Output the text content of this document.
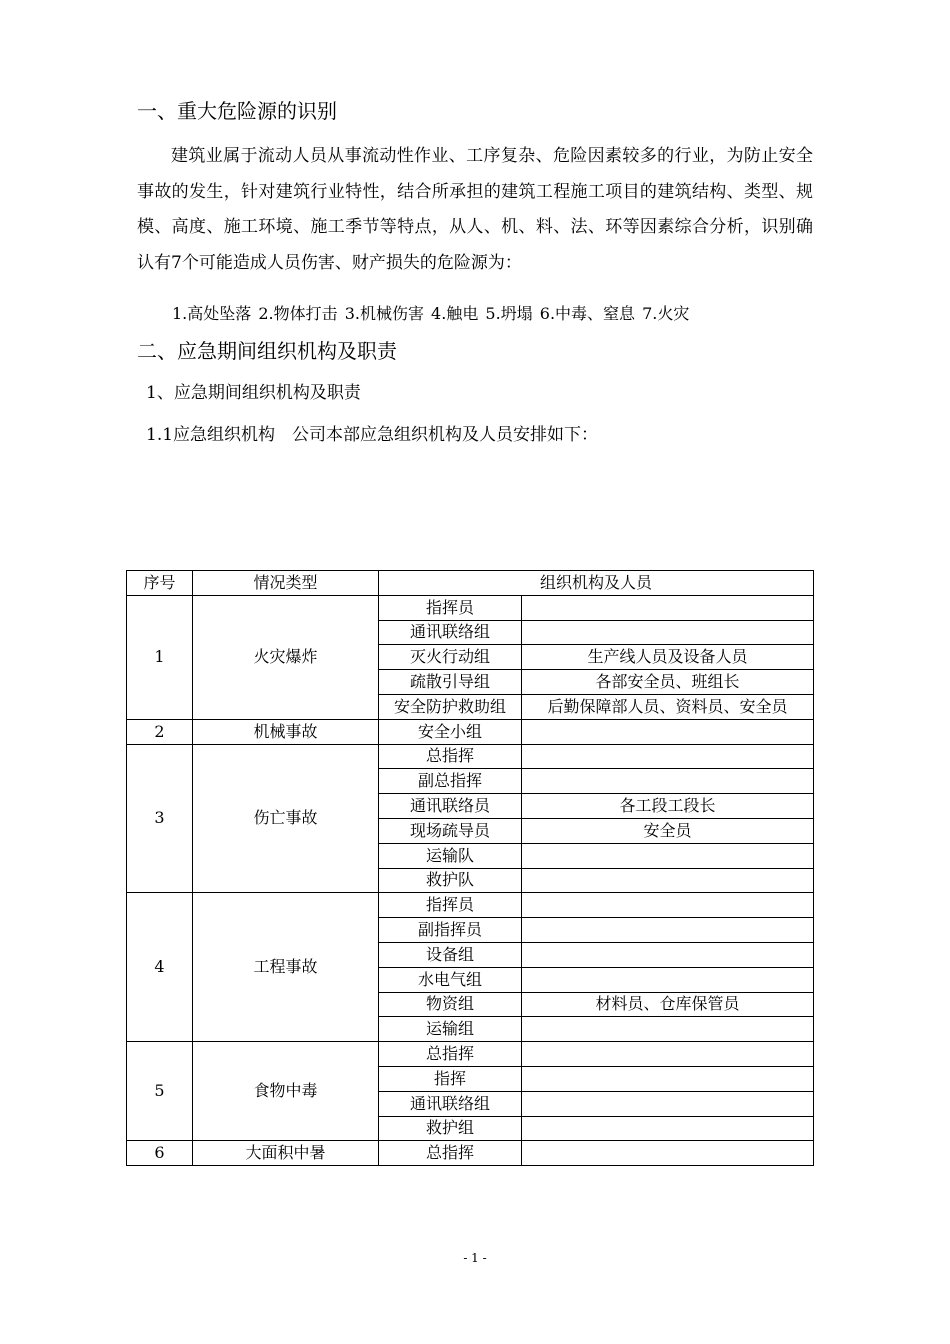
一、重大危险源的识别
建筑业属于流动人员从事流动性作业、工序复杂、危险因素较多的行业，为防止安全事故的发生，针对建筑行业特性，结合所承担的建筑工程施工项目的建筑结构、类型、规模、高度、施工环境、施工季节等特点，从人、机、料、法、环等因素综合分析，识别确认有7个可能造成人员伤害、财产损失的危险源为：
1.高处坠落 2.物体打击 3.机械伤害 4.触电 5.坍塌 6.中毒、窒息 7.火灾
二、应急期间组织机构及职责
1、应急期间组织机构及职责
1.1应急组织机构　公司本部应急组织机构及人员安排如下：
序号	情况类型	组织机构及人员	
1	火灾爆炸	指挥员	
		通讯联络组	
		灭火行动组	生产线人员及设备人员
		疏散引导组	各部安全员、班组长
		安全防护救助组	后勤保障部人员、资料员、安全员
2	机械事故	安全小组	
3	伤亡事故	总指挥	
		副总指挥	
		通讯联络员	各工段工段长
		现场疏导员	安全员
		运输队	
		救护队	
4	工程事故	指挥员	
		副指挥员	
		设备组	
		水电气组	
		物资组	材料员、仓库保管员
		运输组	
5	食物中毒	总指挥	
		指挥	
		通讯联络组	
		救护组	
6	大面积中暑	总指挥	
- 1 -
